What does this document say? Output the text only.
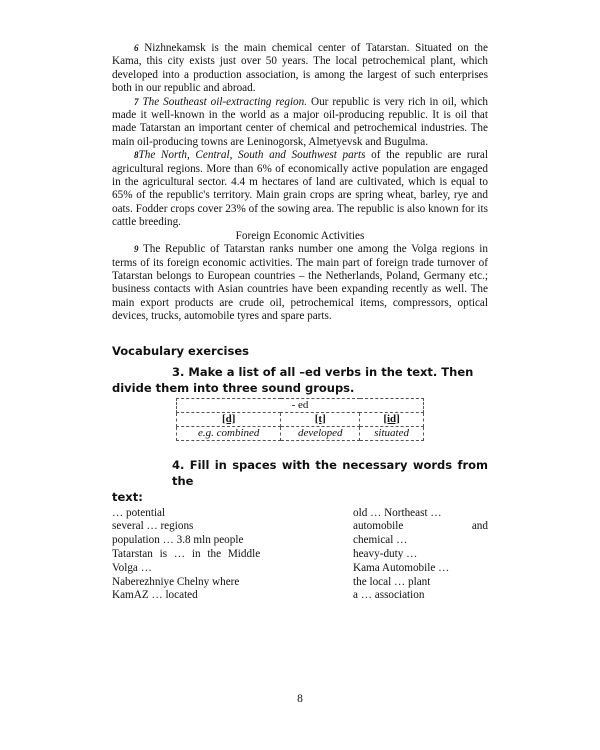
6 Nizhnekamsk is the main chemical center of Tatarstan. Situated on the Kama, this city exists just over 50 years. The local petrochemical plant, which developed into a production association, is among the largest of such enterprises both in our republic and abroad.

7 The Southeast oil-extracting region. Our republic is very rich in oil, which made it well-known in the world as a major oil-producing republic. It is oil that made Tatarstan an important center of chemical and petrochemical industries. The main oil-producing towns are Leninogorsk, Almetyevsk and Bugulma.

8The North, Central, South and Southwest parts of the republic are rural agricultural regions. More than 6% of economically active population are engaged in the agricultural sector. 4.4 m hectares of land are cultivated, which is equal to 65% of the republic's territory. Main grain crops are spring wheat, barley, rye and oats. Fodder crops cover 23% of the sowing area. The republic is also known for its cattle breeding.

Foreign Economic Activities

9 The Republic of Tatarstan ranks number one among the Volga regions in terms of its foreign economic activities. The main part of foreign trade turnover of Tatarstan belongs to European countries – the Netherlands, Poland, Germany etc.; business contacts with Asian countries have been expanding recently as well. The main export products are crude oil, petrochemical items, compressors, optical devices, trucks, automobile tyres and spare parts.

Vocabulary exercises
3. Make a list of all –ed verbs in the text. Then divide them into three sound groups.
- ed		
[d]	[t]	[id]
e.g. combined	developed	situated
4. Fill in spaces with the necessary words from the text:
… potential
several … regions
population … 3.8 mln people
Tatarstan is … in the Middle
Volga …
Naberezhniye Chelny where
KamAZ … located
old … Northeast …
automobile	and
chemical …
heavy-duty …
Kama Automobile …
the local … plant
a … association
8
